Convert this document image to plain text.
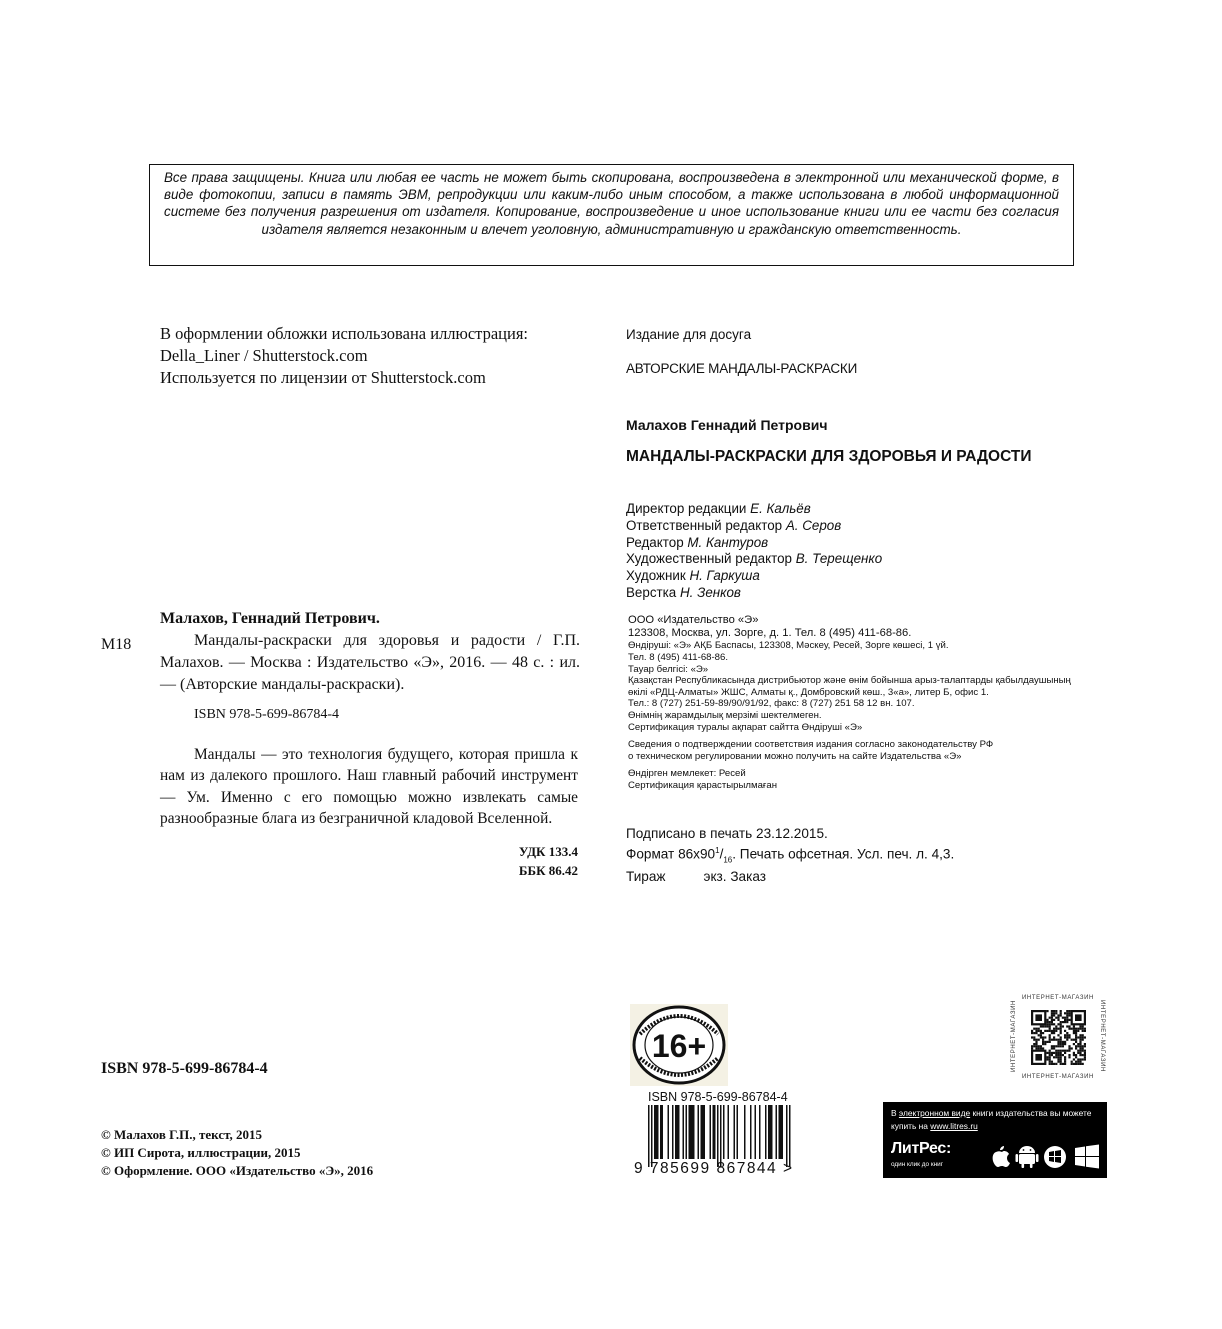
Все права защищены. Книга или любая ее часть не может быть скопирована, воспроизведена в электронной или механической форме, в виде фотокопии, записи в память ЭВМ, репродукции или каким-либо иным способом, а также использована в любой информационной системе без получения разрешения от издателя. Копирование, воспроизведение и иное использование книги или ее части без согласия издателя является незаконным и влечет уголовную, административную и гражданскую ответственность.

В оформлении обложки использована иллюстрация:
Della_Liner / Shutterstock.com
Используется по лицензии от Shutterstock.com
Издание для досуга
АВТОРСКИЕ МАНДАЛЫ-РАСКРАСКИ
Малахов Геннадий Петрович
МАНДАЛЫ-РАСКРАСКИ ДЛЯ ЗДОРОВЬЯ И РАДОСТИ
Директор редакции Е. Кальёв
Ответственный редактор А. Серов
Редактор М. Кантуров
Художественный редактор В. Терещенко
Художник Н. Гаркуша
Верстка Н. Зенков
ООО «Издательство «Э»
123308, Москва, ул. Зорге, д. 1. Тел. 8 (495) 411-68-86.
Өндіруші: «Э» АҚБ Баспасы, 123308, Мәскеу, Ресей, Зорге көшесі, 1 үй.
Тел. 8 (495) 411-68-86.
Тауар белгісі: «Э»
Қазақстан Республикасында дистрибьютор және өнім бойынша арыз-талаптарды қабылдаушының
өкілі «РДЦ-Алматы» ЖШС, Алматы қ., Домбровский көш., 3«а», литер Б, офис 1.
Тел.: 8 (727) 251-59-89/90/91/92, факс: 8 (727) 251 58 12 вн. 107.
Өнімнің жарамдылық мерзімі шектелмеген.
Сертификация туралы ақпарат сайтта Өндіруші «Э»
Сведения о подтверждении соответствия издания согласно законодательству РФ
о техническом регулировании можно получить на сайте Издательства «Э»
Өндірген мемлекет: Ресей
Сертификация қарастырылмаған
Подписано в печать 23.12.2015.
Формат $86x90^1/_{16}$. Печать офсетная. Усл. печ. л. 4,3.
Тираж	экз. Заказ
М18
Малахов, Геннадий Петрович.
Мандалы-раскраски для здоровья и радости / Г.П. Малахов. — Москва : Издательство «Э», 2016. — 48 с. : ил. — (Авторские мандалы-раскраски).
ISBN 978-5-699-86784-4
Мандалы — это технология будущего, которая пришла к нам из далекого прошлого. Наш главный рабочий инструмент — Ум. Именно с его помощью можно извлекать самые разнообразные блага из безграничной кладовой Вселенной.
УДК 133.4
ББК 86.42
ISBN 978-5-699-86784-4
© Малахов Г.П., текст, 2015
© ИП Сирота, иллюстрации, 2015
© Оформление. ООО «Издательство «Э», 2016
16+
ISBN 978-5-699-86784-4
9 785699 867844 >
ИНТЕРНЕТ-МАГАЗИН
ИНТЕРНЕТ-МАГАЗИН
ИНТЕРНЕТ-МАГАЗИН	ИНТЕРНЕТ-МАГАЗИН
В электронном виде книги издательства вы можете
купить на www.litres.ru
ЛитРес:
один клик до книг
